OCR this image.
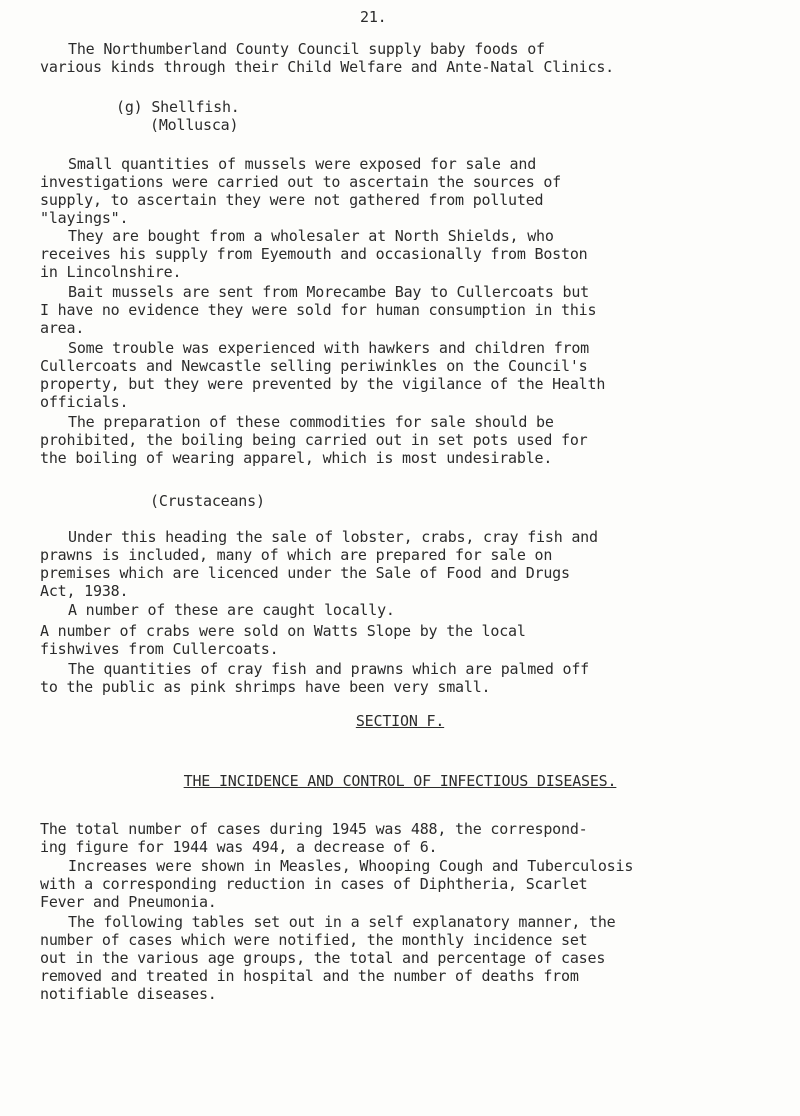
21.
The Northumberland County Council supply baby foods of
various kinds through their Child Welfare and Ante-Natal Clinics.
(g) Shellfish.
(Mollusca)
Small quantities of mussels were exposed for sale and
investigations were carried out to ascertain the sources of
supply, to ascertain they were not gathered from polluted
"layings".
They are bought from a wholesaler at North Shields, who
receives his supply from Eyemouth and occasionally from Boston
in Lincolnshire.
Bait mussels are sent from Morecambe Bay to Cullercoats but
I have no evidence they were sold for human consumption in this
area.
Some trouble was experienced with hawkers and children from
Cullercoats and Newcastle selling periwinkles on the Council's
property, but they were prevented by the vigilance of the Health
officials.
The preparation of these commodities for sale should be
prohibited, the boiling being carried out in set pots used for
the boiling of wearing apparel, which is most undesirable.
(Crustaceans)
Under this heading the sale of lobster, crabs, cray fish and
prawns is included, many of which are prepared for sale on
premises which are licenced under the Sale of Food and Drugs
Act, 1938.
A number of these are caught locally.
A number of crabs were sold on Watts Slope by the local
fishwives from Cullercoats.
The quantities of cray fish and prawns which are palmed off
to the public as pink shrimps have been very small.
SECTION F.
THE INCIDENCE AND CONTROL OF INFECTIOUS DISEASES.
The total number of cases during 1945 was 488, the correspond-
ing figure for 1944 was 494, a decrease of 6.
Increases were shown in Measles, Whooping Cough and Tuberculosis
with a corresponding reduction in cases of Diphtheria, Scarlet
Fever and Pneumonia.
The following tables set out in a self explanatory manner, the
number of cases which were notified, the monthly incidence set
out in the various age groups, the total and percentage of cases
removed and treated in hospital and the number of deaths from
notifiable diseases.
